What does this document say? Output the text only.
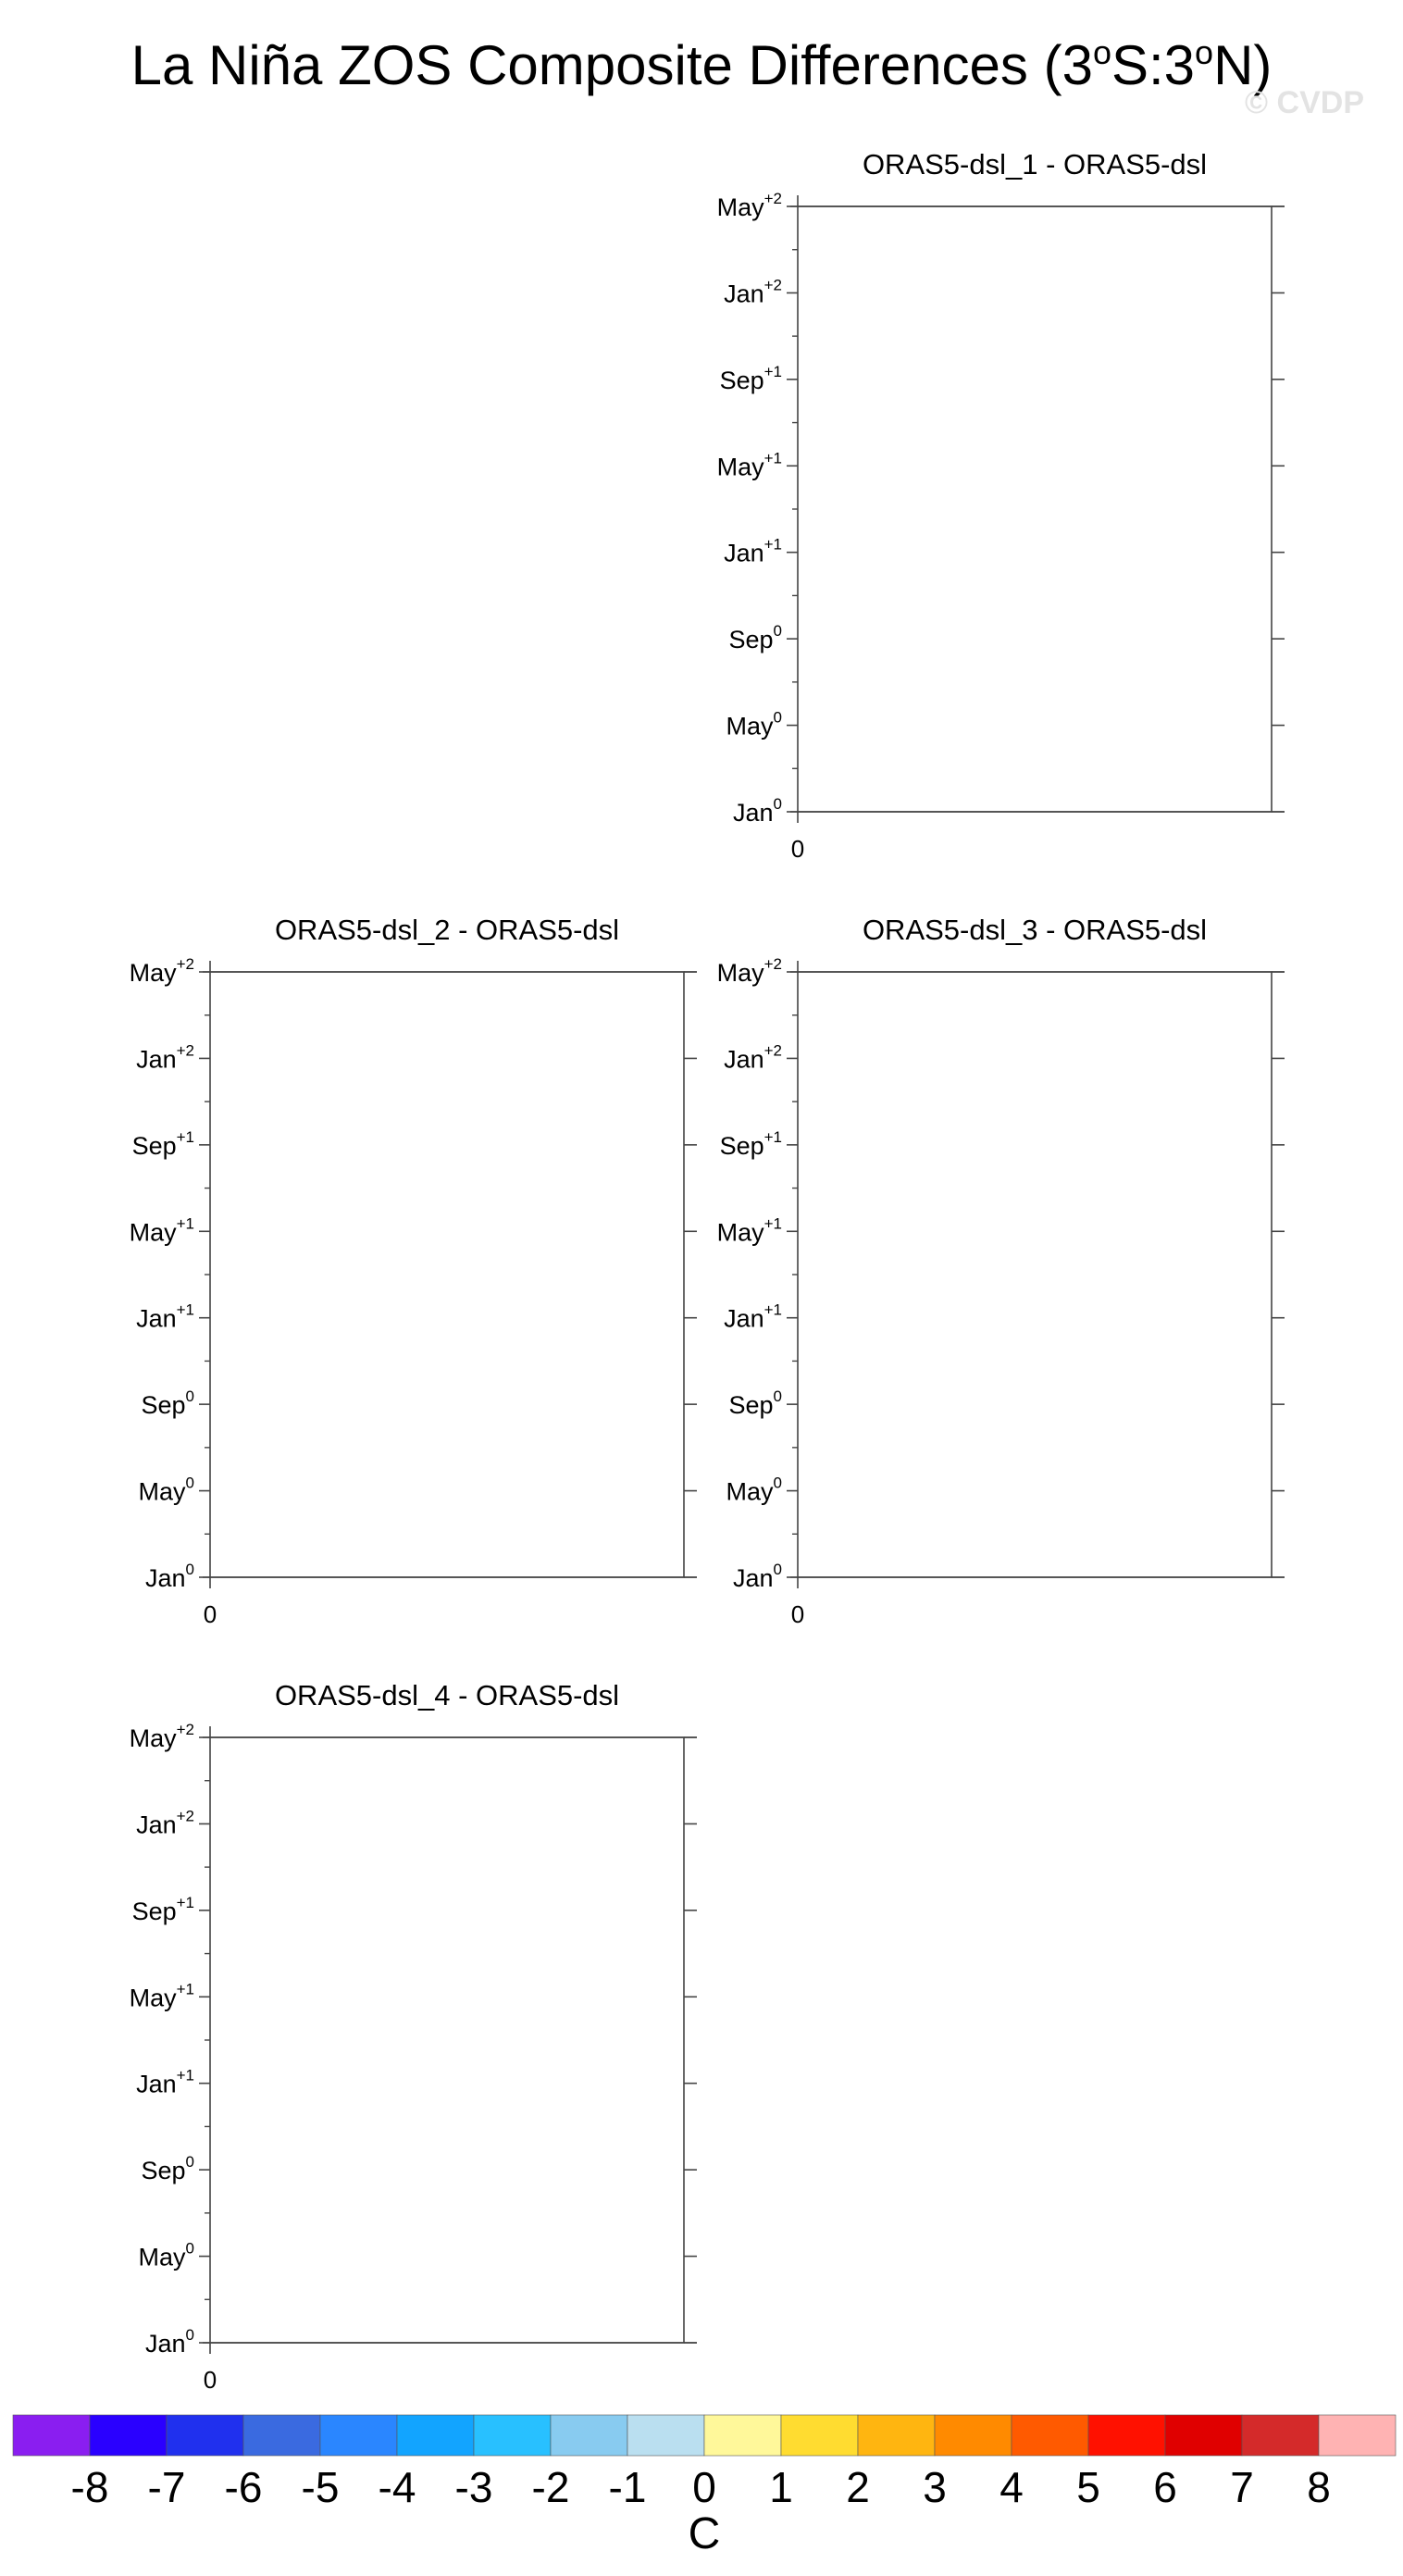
La Niña ZOS Composite Differences (3$^o$S:3$^o$N)
© CVDP
ORAS5-dsl_1 - ORAS5-dsl
0
Jan$^0$
May$^0$
Sep$^0$
Jan$^{+1}$
May$^{+1}$
Sep$^{+1}$
Jan$^{+2}$
May$^{+2}$
ORAS5-dsl_2 - ORAS5-dsl
0
Jan$^0$
May$^0$
Sep$^0$
Jan$^{+1}$
May$^{+1}$
Sep$^{+1}$
Jan$^{+2}$
May$^{+2}$
ORAS5-dsl_3 - ORAS5-dsl
0
Jan$^0$
May$^0$
Sep$^0$
Jan$^{+1}$
May$^{+1}$
Sep$^{+1}$
Jan$^{+2}$
May$^{+2}$
ORAS5-dsl_4 - ORAS5-dsl
0
Jan$^0$
May$^0$
Sep$^0$
Jan$^{+1}$
May$^{+1}$
Sep$^{+1}$
Jan$^{+2}$
May$^{+2}$
-8 -7 -6 -5 -4 -3 -2 -1 0 1 2 3 4 5 6 7 8
C
